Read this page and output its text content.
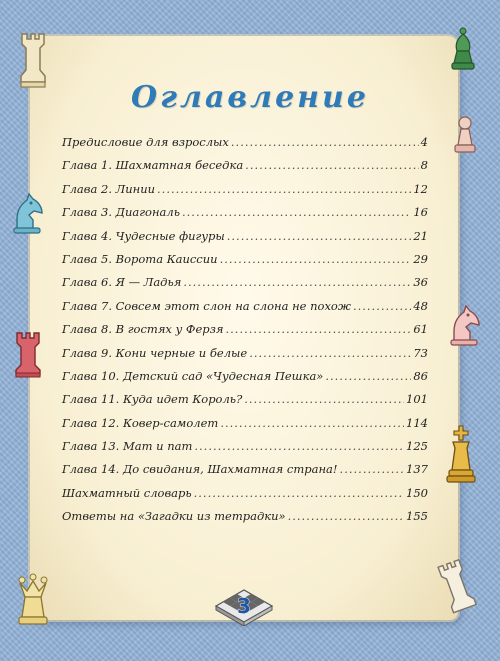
Оглавление
Предисловие для взрослых .....	4
Глава 1. Шахматная беседка .....	8
Глава 2. Линии .....	12
Глава 3. Диагональ .....	16
Глава 4. Чудесные фигуры .....	21
Глава 5. Ворота Каиссии .....	29
Глава 6. Я — Ладья .....	36
Глава 7. Совсем этот слон на слона не похож .....	48
Глава 8. В гостях у Ферзя .....	61
Глава 9. Кони черные и белые .....	73
Глава 10. Детский сад «Чудесная Пешка» .....	86
Глава 11. Куда идет Король? .....	101
Глава 12. Ковер-самолет .....	114
Глава 13. Мат и пат .....	125
Глава 14. До свидания, Шахматная страна! .....	137
Шахматный словарь .....	150
Ответы на «Загадки из тетрадки» .....	155
3
